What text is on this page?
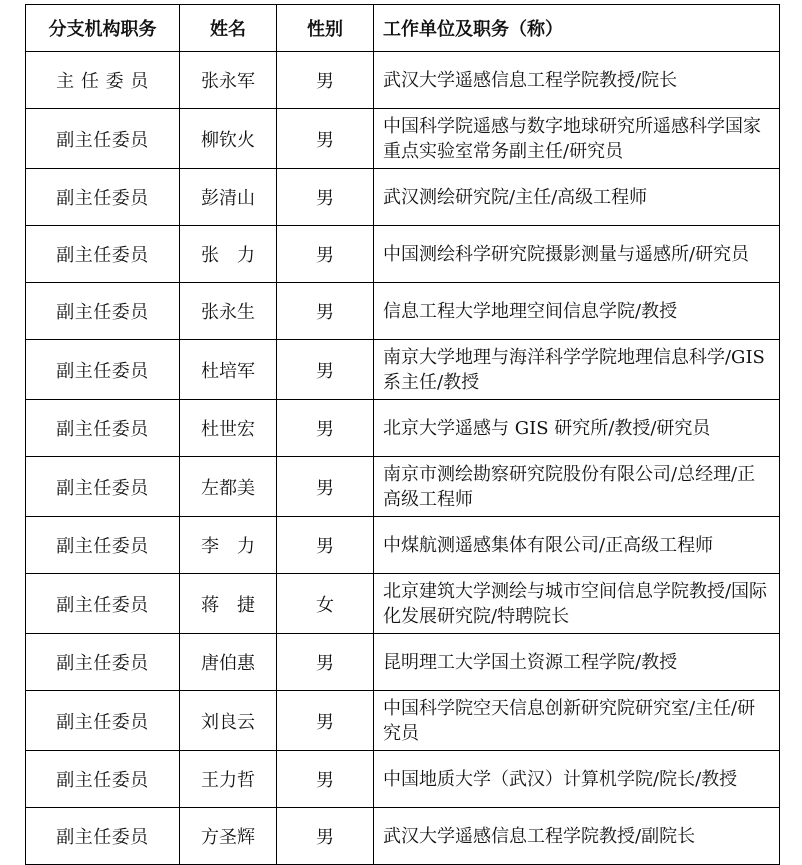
分支机构职务	姓名	性别	工作单位及职务（称）
主 任 委 员	张永军	男	武汉大学遥感信息工程学院教授/院长
副主任委员	柳钦火	男	中国科学院遥感与数字地球研究所遥感科学国家重点实验室常务副主任/研究员
副主任委员	彭清山	男	武汉测绘研究院/主任/高级工程师
副主任委员	张　力	男	中国测绘科学研究院摄影测量与遥感所/研究员
副主任委员	张永生	男	信息工程大学地理空间信息学院/教授
副主任委员	杜培军	男	南京大学地理与海洋科学学院地理信息科学/GIS系主任/教授
副主任委员	杜世宏	男	北京大学遥感与 GIS 研究所/教授/研究员
副主任委员	左都美	男	南京市测绘勘察研究院股份有限公司/总经理/正高级工程师
副主任委员	李　力	男	中煤航测遥感集体有限公司/正高级工程师
副主任委员	蒋　捷	女	北京建筑大学测绘与城市空间信息学院教授/国际化发展研究院/特聘院长
副主任委员	唐伯惠	男	昆明理工大学国土资源工程学院/教授
副主任委员	刘良云	男	中国科学院空天信息创新研究院研究室/主任/研究员
副主任委员	王力哲	男	中国地质大学（武汉）计算机学院/院长/教授
副主任委员	方圣辉	男	武汉大学遥感信息工程学院教授/副院长
